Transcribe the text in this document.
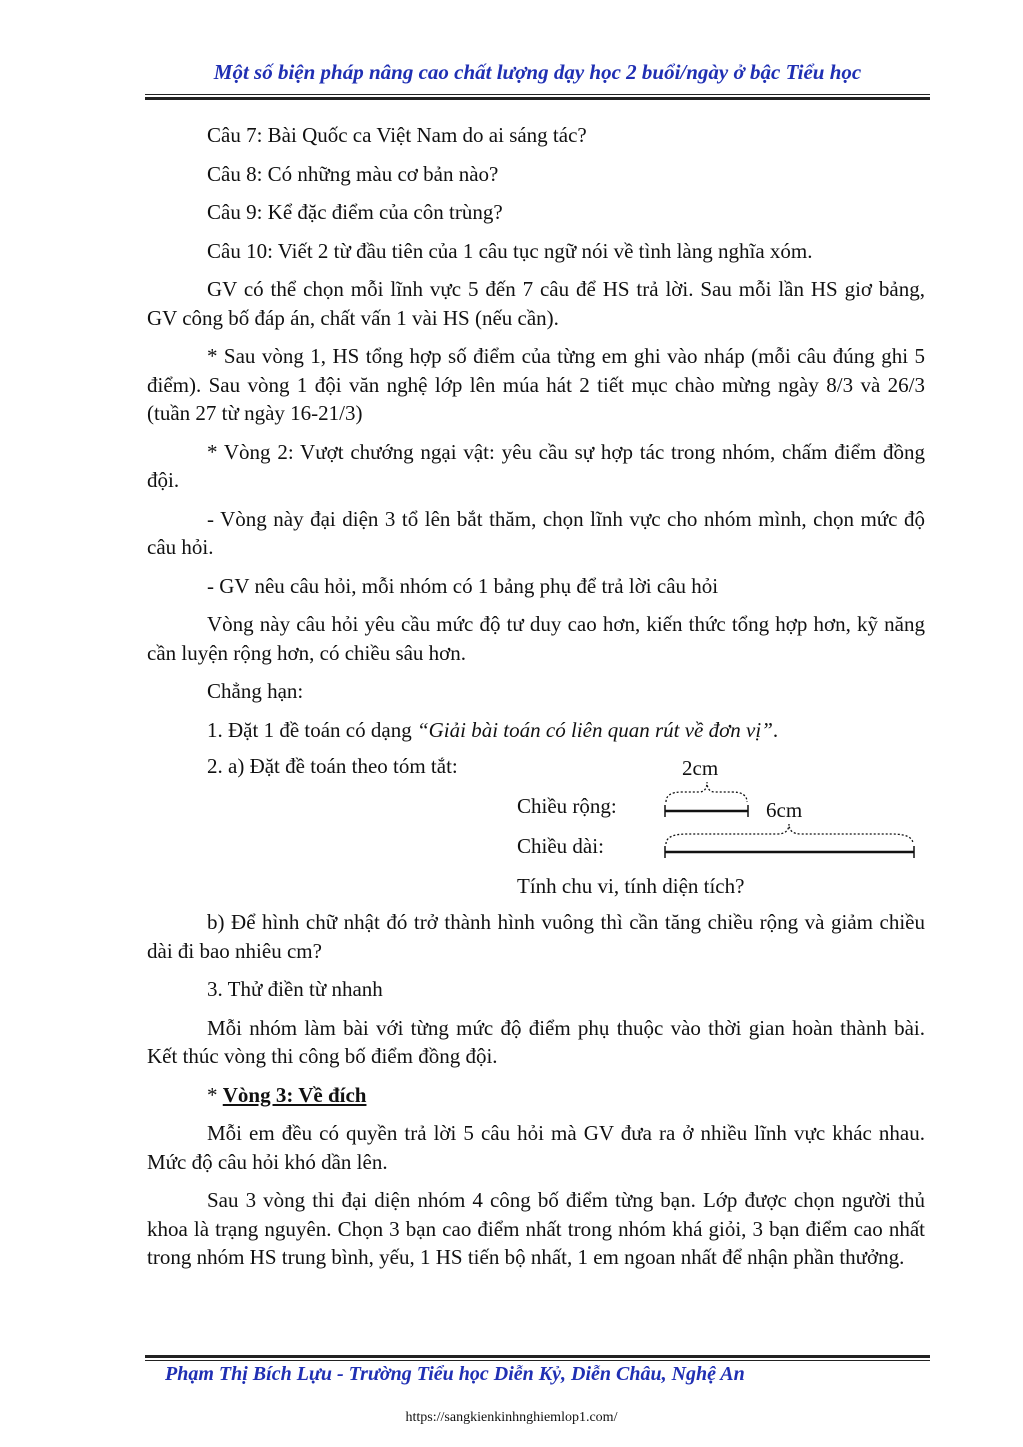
Một số biện pháp nâng cao chất lượng dạy học 2 buổi/ngày ở bậc Tiểu học

Câu 7: Bài Quốc ca Việt Nam do ai sáng tác?

Câu 8: Có những màu cơ bản nào?

Câu 9: Kể đặc điểm của côn trùng?

Câu 10: Viết 2 từ đầu tiên của 1 câu tục ngữ nói về tình làng nghĩa xóm.

GV có thể chọn mỗi lĩnh vực 5 đến 7 câu để HS trả lời. Sau mỗi lần HS giơ bảng, GV công bố đáp án, chất vấn 1 vài HS (nếu cần).

* Sau vòng 1, HS tổng hợp số điểm của từng em ghi vào nháp (mỗi câu đúng ghi 5 điểm). Sau vòng 1 đội văn nghệ lớp lên múa hát 2 tiết mục chào mừng ngày 8/3 và 26/3 (tuần 27 từ ngày 16-21/3)

* Vòng 2: Vượt chướng ngại vật: yêu cầu sự hợp tác trong nhóm, chấm điểm đồng đội.

- Vòng này đại diện 3 tổ lên bắt thăm, chọn lĩnh vực cho nhóm mình, chọn mức độ câu hỏi.

- GV nêu câu hỏi, mỗi nhóm có 1 bảng phụ để trả lời câu hỏi

Vòng này câu hỏi yêu cầu mức độ tư duy cao hơn, kiến thức tổng hợp hơn, kỹ năng cần luyện rộng hơn, có chiều sâu hơn.

Chẳng hạn:

1. Đặt 1 đề toán có dạng “Giải bài toán có liên quan rút về đơn vị”.

2. a) Đặt đề toán theo tóm tắt:	2cm
6cm
Chiều rộng:
Chiều dài:
Tính chu vi, tính diện tích?

b) Để hình chữ nhật đó trở thành hình vuông thì cần tăng chiều rộng và giảm chiều dài đi bao nhiêu cm?

3. Thử điền từ nhanh

Mỗi nhóm làm bài với từng mức độ điểm phụ thuộc vào thời gian hoàn thành bài. Kết thúc vòng thi công bố điểm đồng đội.

* Vòng 3: Về đích

Mỗi em đều có quyền trả lời 5 câu hỏi mà GV đưa ra ở nhiều lĩnh vực khác nhau. Mức độ câu hỏi khó dần lên.

Sau 3 vòng thi đại diện nhóm 4 công bố điểm từng bạn. Lớp được chọn người thủ khoa là trạng nguyên. Chọn 3 bạn cao điểm nhất trong nhóm khá giỏi, 3 bạn điểm cao nhất trong nhóm HS trung bình, yếu, 1 HS tiến bộ nhất, 1 em ngoan nhất để nhận phần thưởng.

Phạm Thị Bích Lựu - Trường Tiểu học Diễn Kỷ, Diễn Châu, Nghệ An
https://sangkienkinhnghiemlop1.com/
